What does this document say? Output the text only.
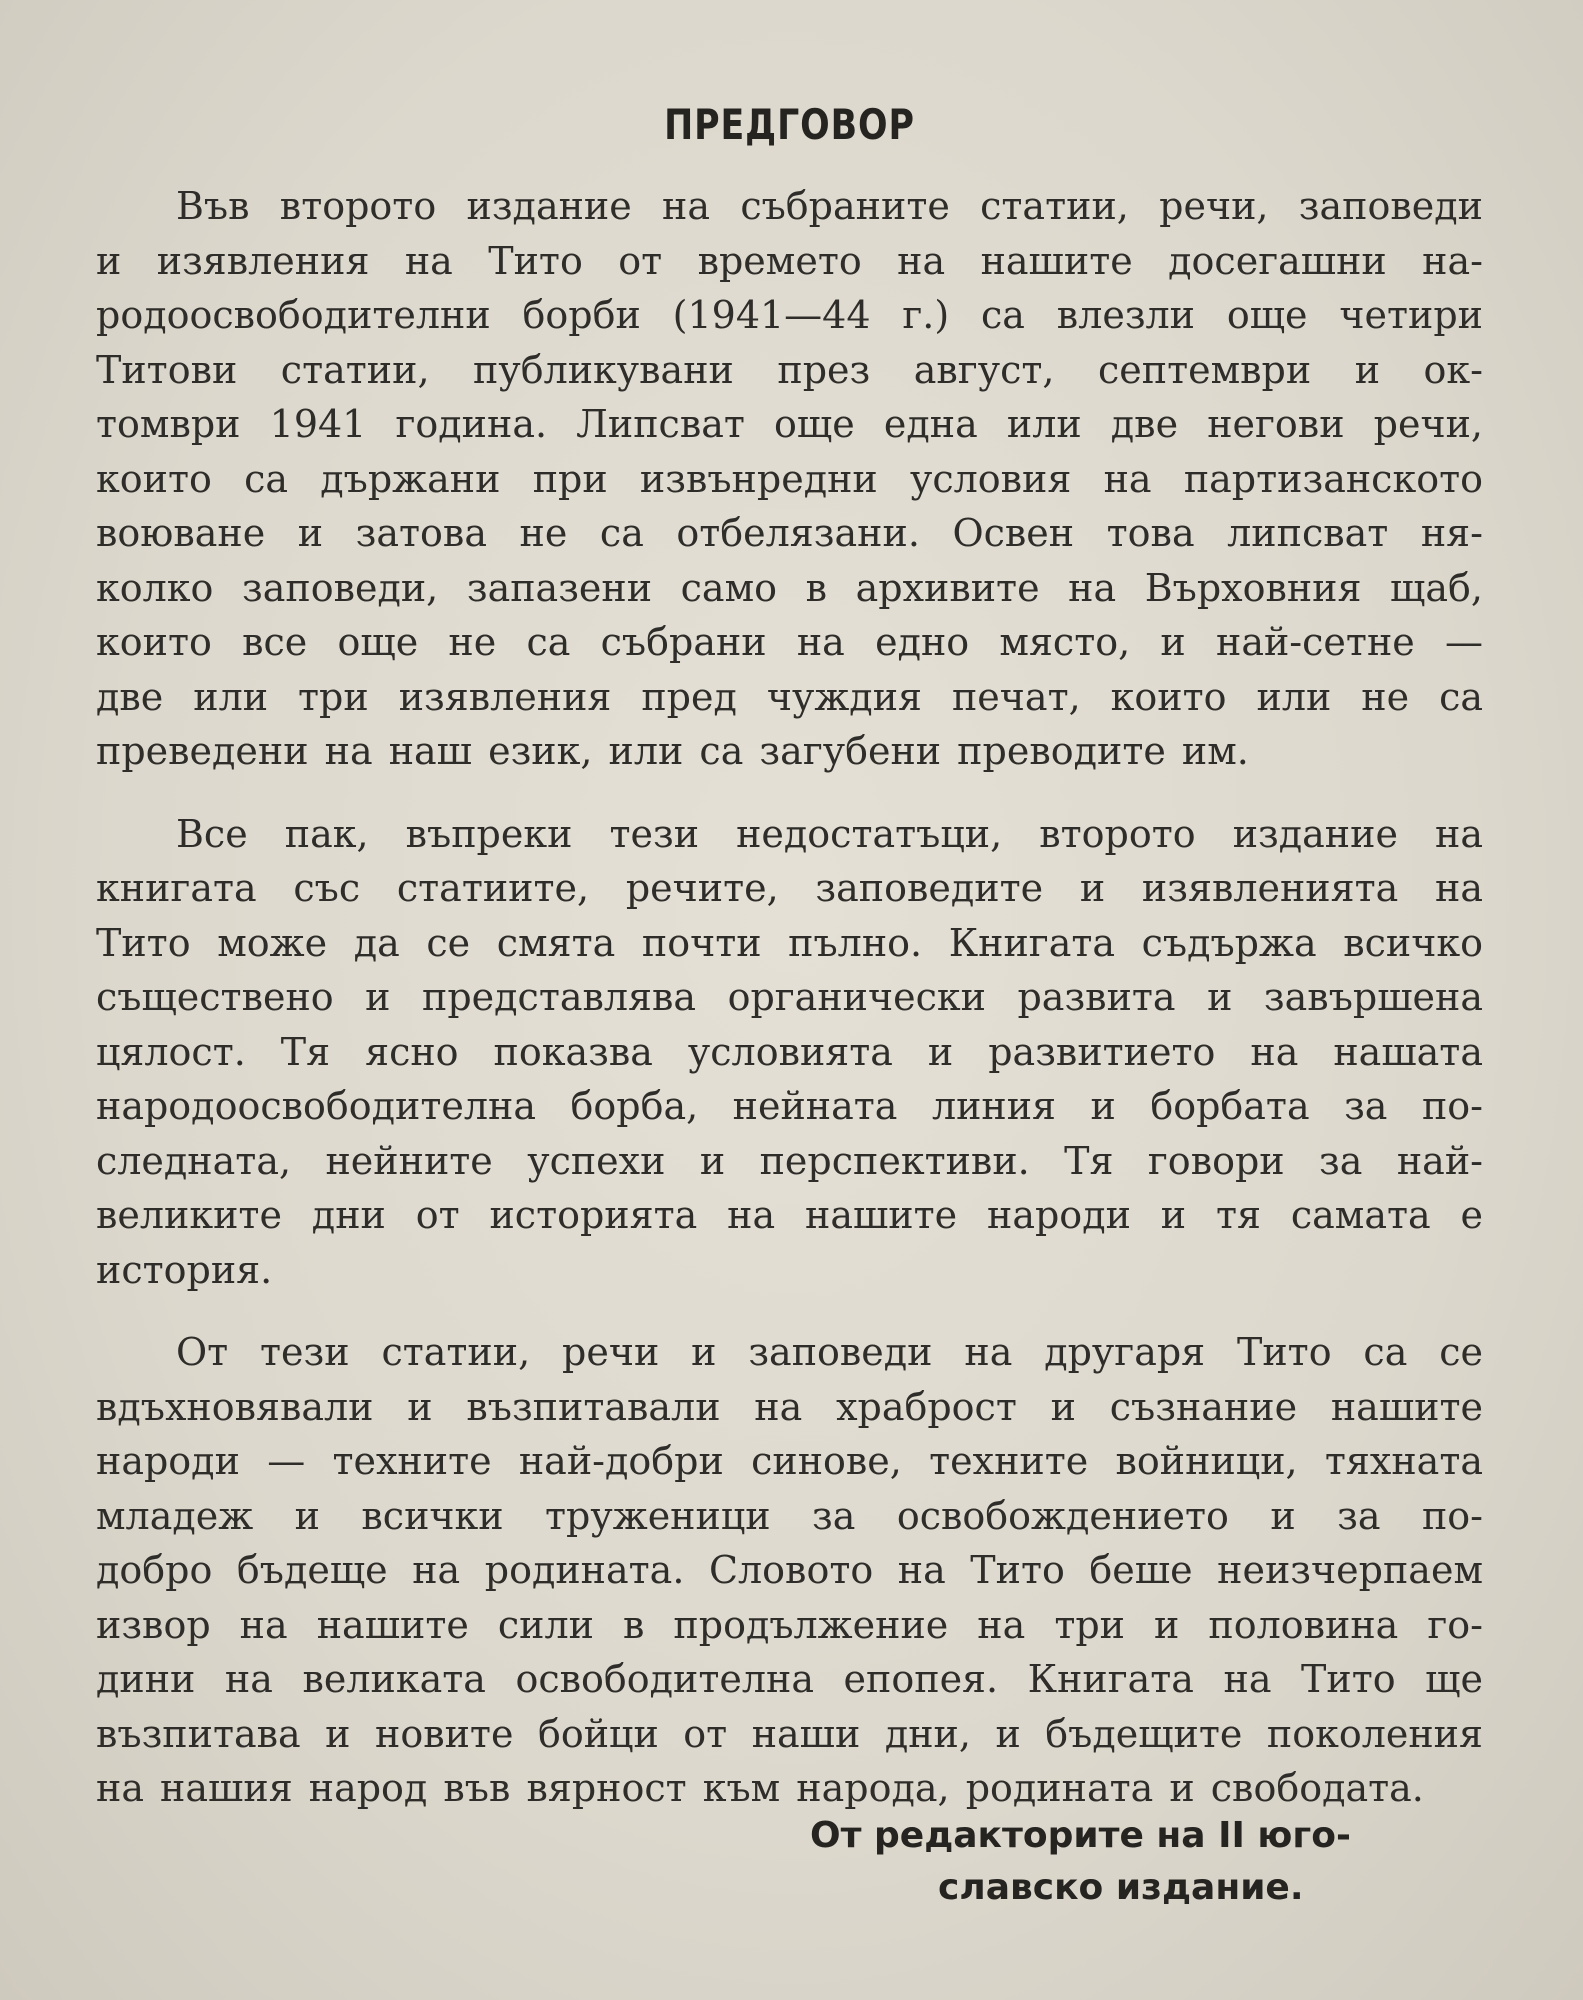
ПРЕДГОВОР

Във второто издание на събраните статии, речи, заповеди
и изявления на Тито от времето на нашите досегашни на-
родоосвободителни борби (1941—44 г.) са влезли още четири
Титови статии, публикувани през август, септември и ок-
томври 1941 година. Липсват още една или две негови речи,
които са държани при извънредни условия на партизанското
воюване и затова не са отбелязани. Освен това липсват ня-
колко заповеди, запазени само в архивите на Върховния щаб,
които все още не са събрани на едно място, и най-сетне —
две или три изявления пред чуждия печат, които или не са
преведени на наш език, или са загубени преводите им.

Все пак, въпреки тези недостатъци, второто издание на
книгата със статиите, речите, заповедите и изявленията на
Тито може да се смята почти пълно. Книгата съдържа всичко
съществено и представлява органически развита и завършена
цялост. Тя ясно показва условията и развитието на нашата
народоосвободителна борба, нейната линия и борбата за по-
следната, нейните успехи и перспективи. Тя говори за най-
великите дни от историята на нашите народи и тя самата е
история.

От тези статии, речи и заповеди на другаря Тито са се
вдъхновявали и възпитавали на храброст и съзнание нашите
народи — техните най-добри синове, техните войници, тяхната
младеж и всички труженици за освобождението и за по-
добро бъдеще на родината. Словото на Тито беше неизчерпаем
извор на нашите сили в продължение на три и половина го-
дини на великата освободителна епопея. Книгата на Тито ще
възпитава и новите бойци от наши дни, и бъдещите поколения
на нашия народ във вярност към народа, родината и свободата.

От редакторите на II юго-
славско издание.
